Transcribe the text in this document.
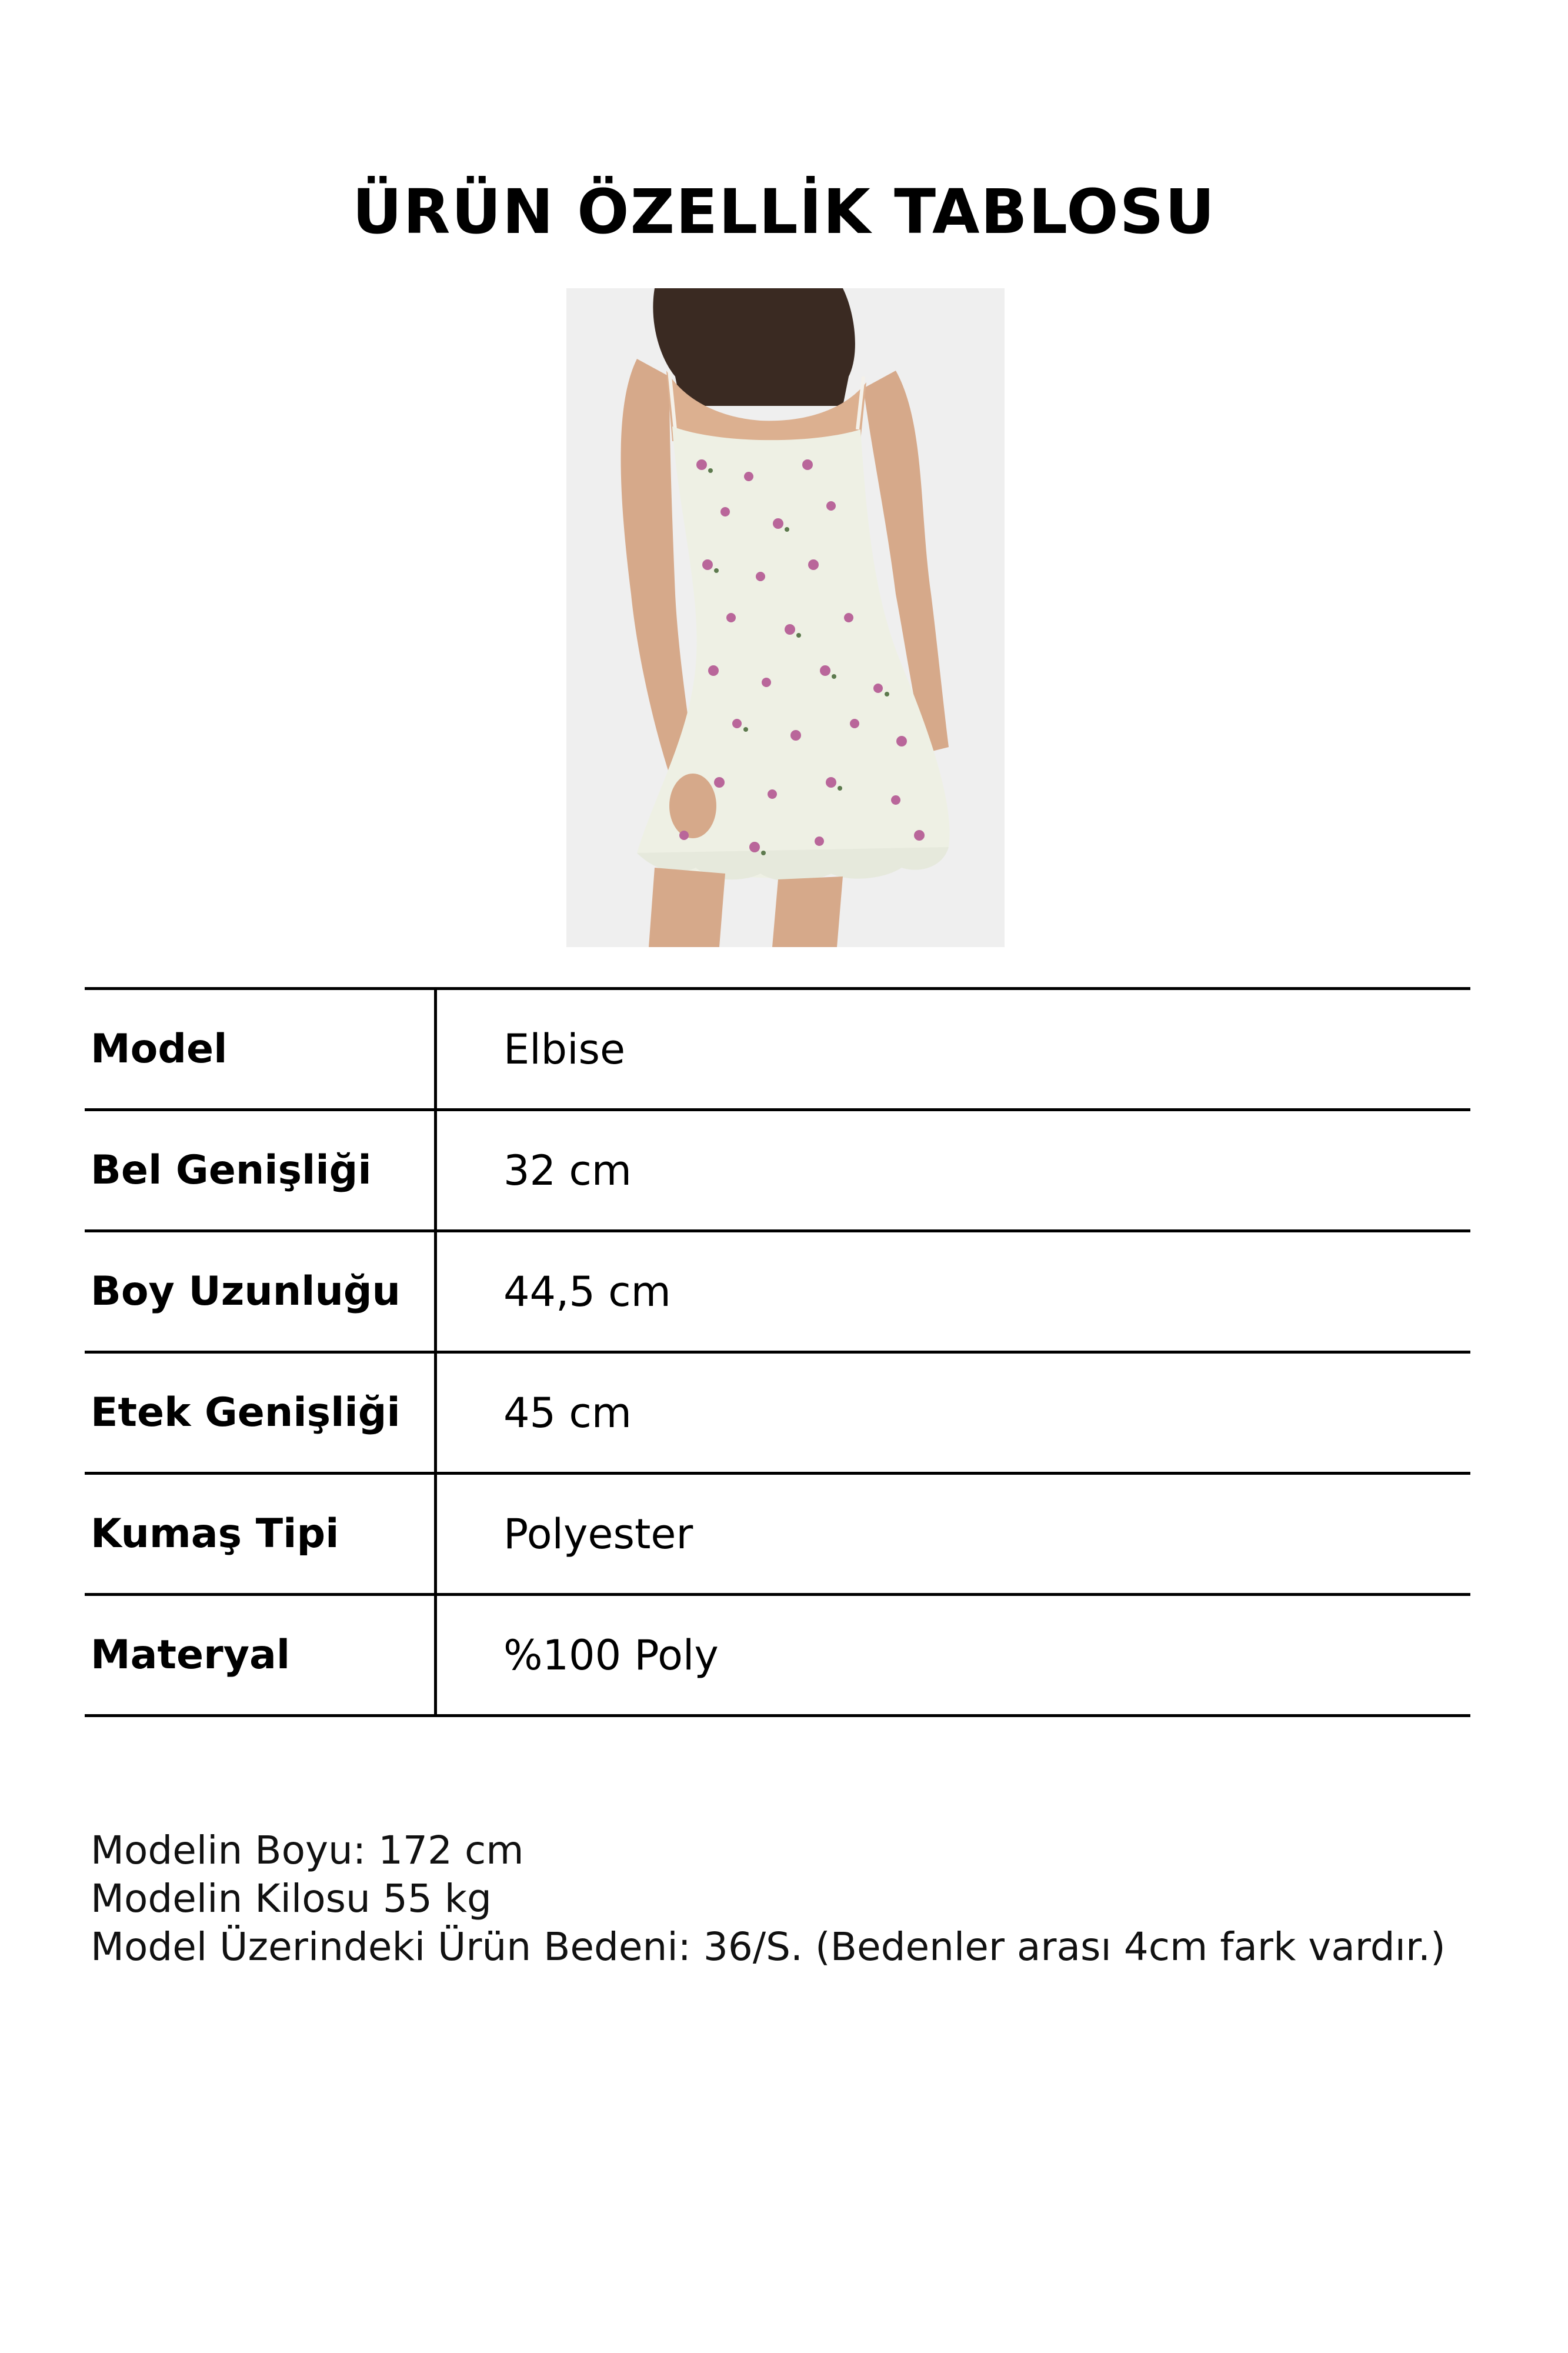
ÜRÜN ÖZELLİK TABLOSU
Model	Elbise
Bel Genişliği	32 cm
Boy Uzunluğu	44,5 cm
Etek Genişliği	45 cm
Kumaş Tipi	Polyester
Materyal	%100 Poly
Modelin Boyu: 172 cm
Modelin Kilosu 55 kg
Model Üzerindeki Ürün Bedeni: 36/S. (Bedenler arası 4cm fark vardır.)
